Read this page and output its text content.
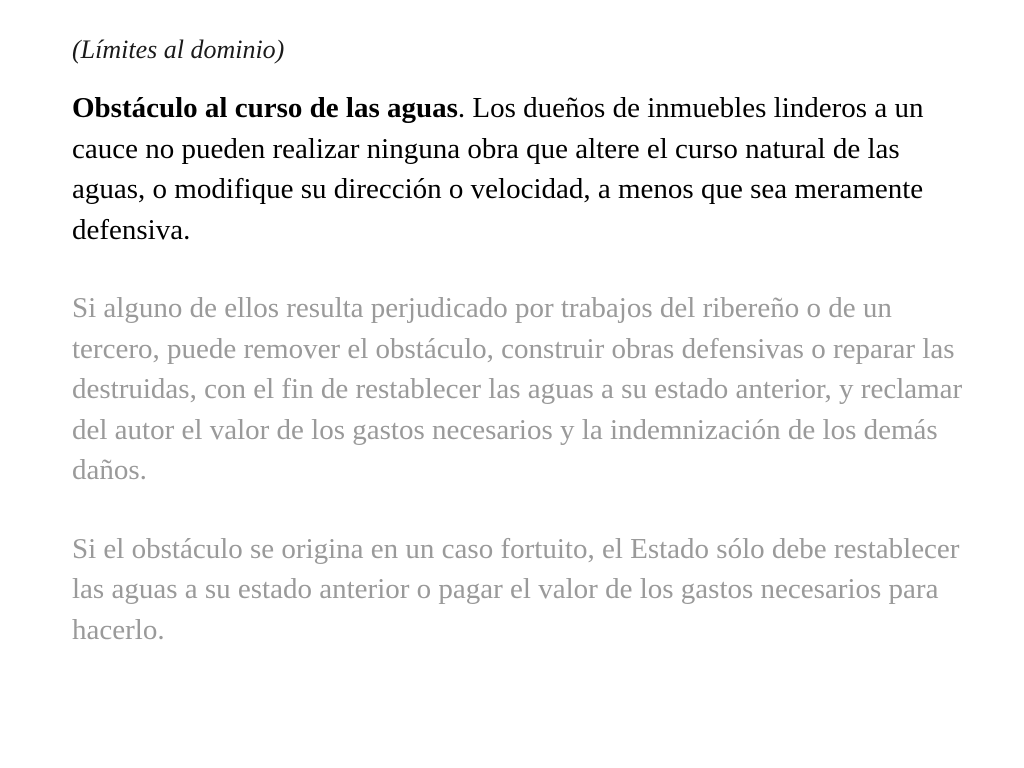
(Límites al dominio)

Obstáculo al curso de las aguas. Los dueños de inmuebles linderos a un cauce no pueden realizar ninguna obra que altere el curso natural de las aguas, o modifique su dirección o velocidad, a menos que sea meramente defensiva.

Si alguno de ellos resulta perjudicado por trabajos del ribereño o de un tercero, puede remover el obstáculo, construir obras defensivas o reparar las destruidas, con el fin de restablecer las aguas a su estado anterior, y reclamar del autor el valor de los gastos necesarios y la indemnización de los demás daños.

Si el obstáculo se origina en un caso fortuito, el Estado sólo debe restablecer las aguas a su estado anterior o pagar el valor de los gastos necesarios para hacerlo.
